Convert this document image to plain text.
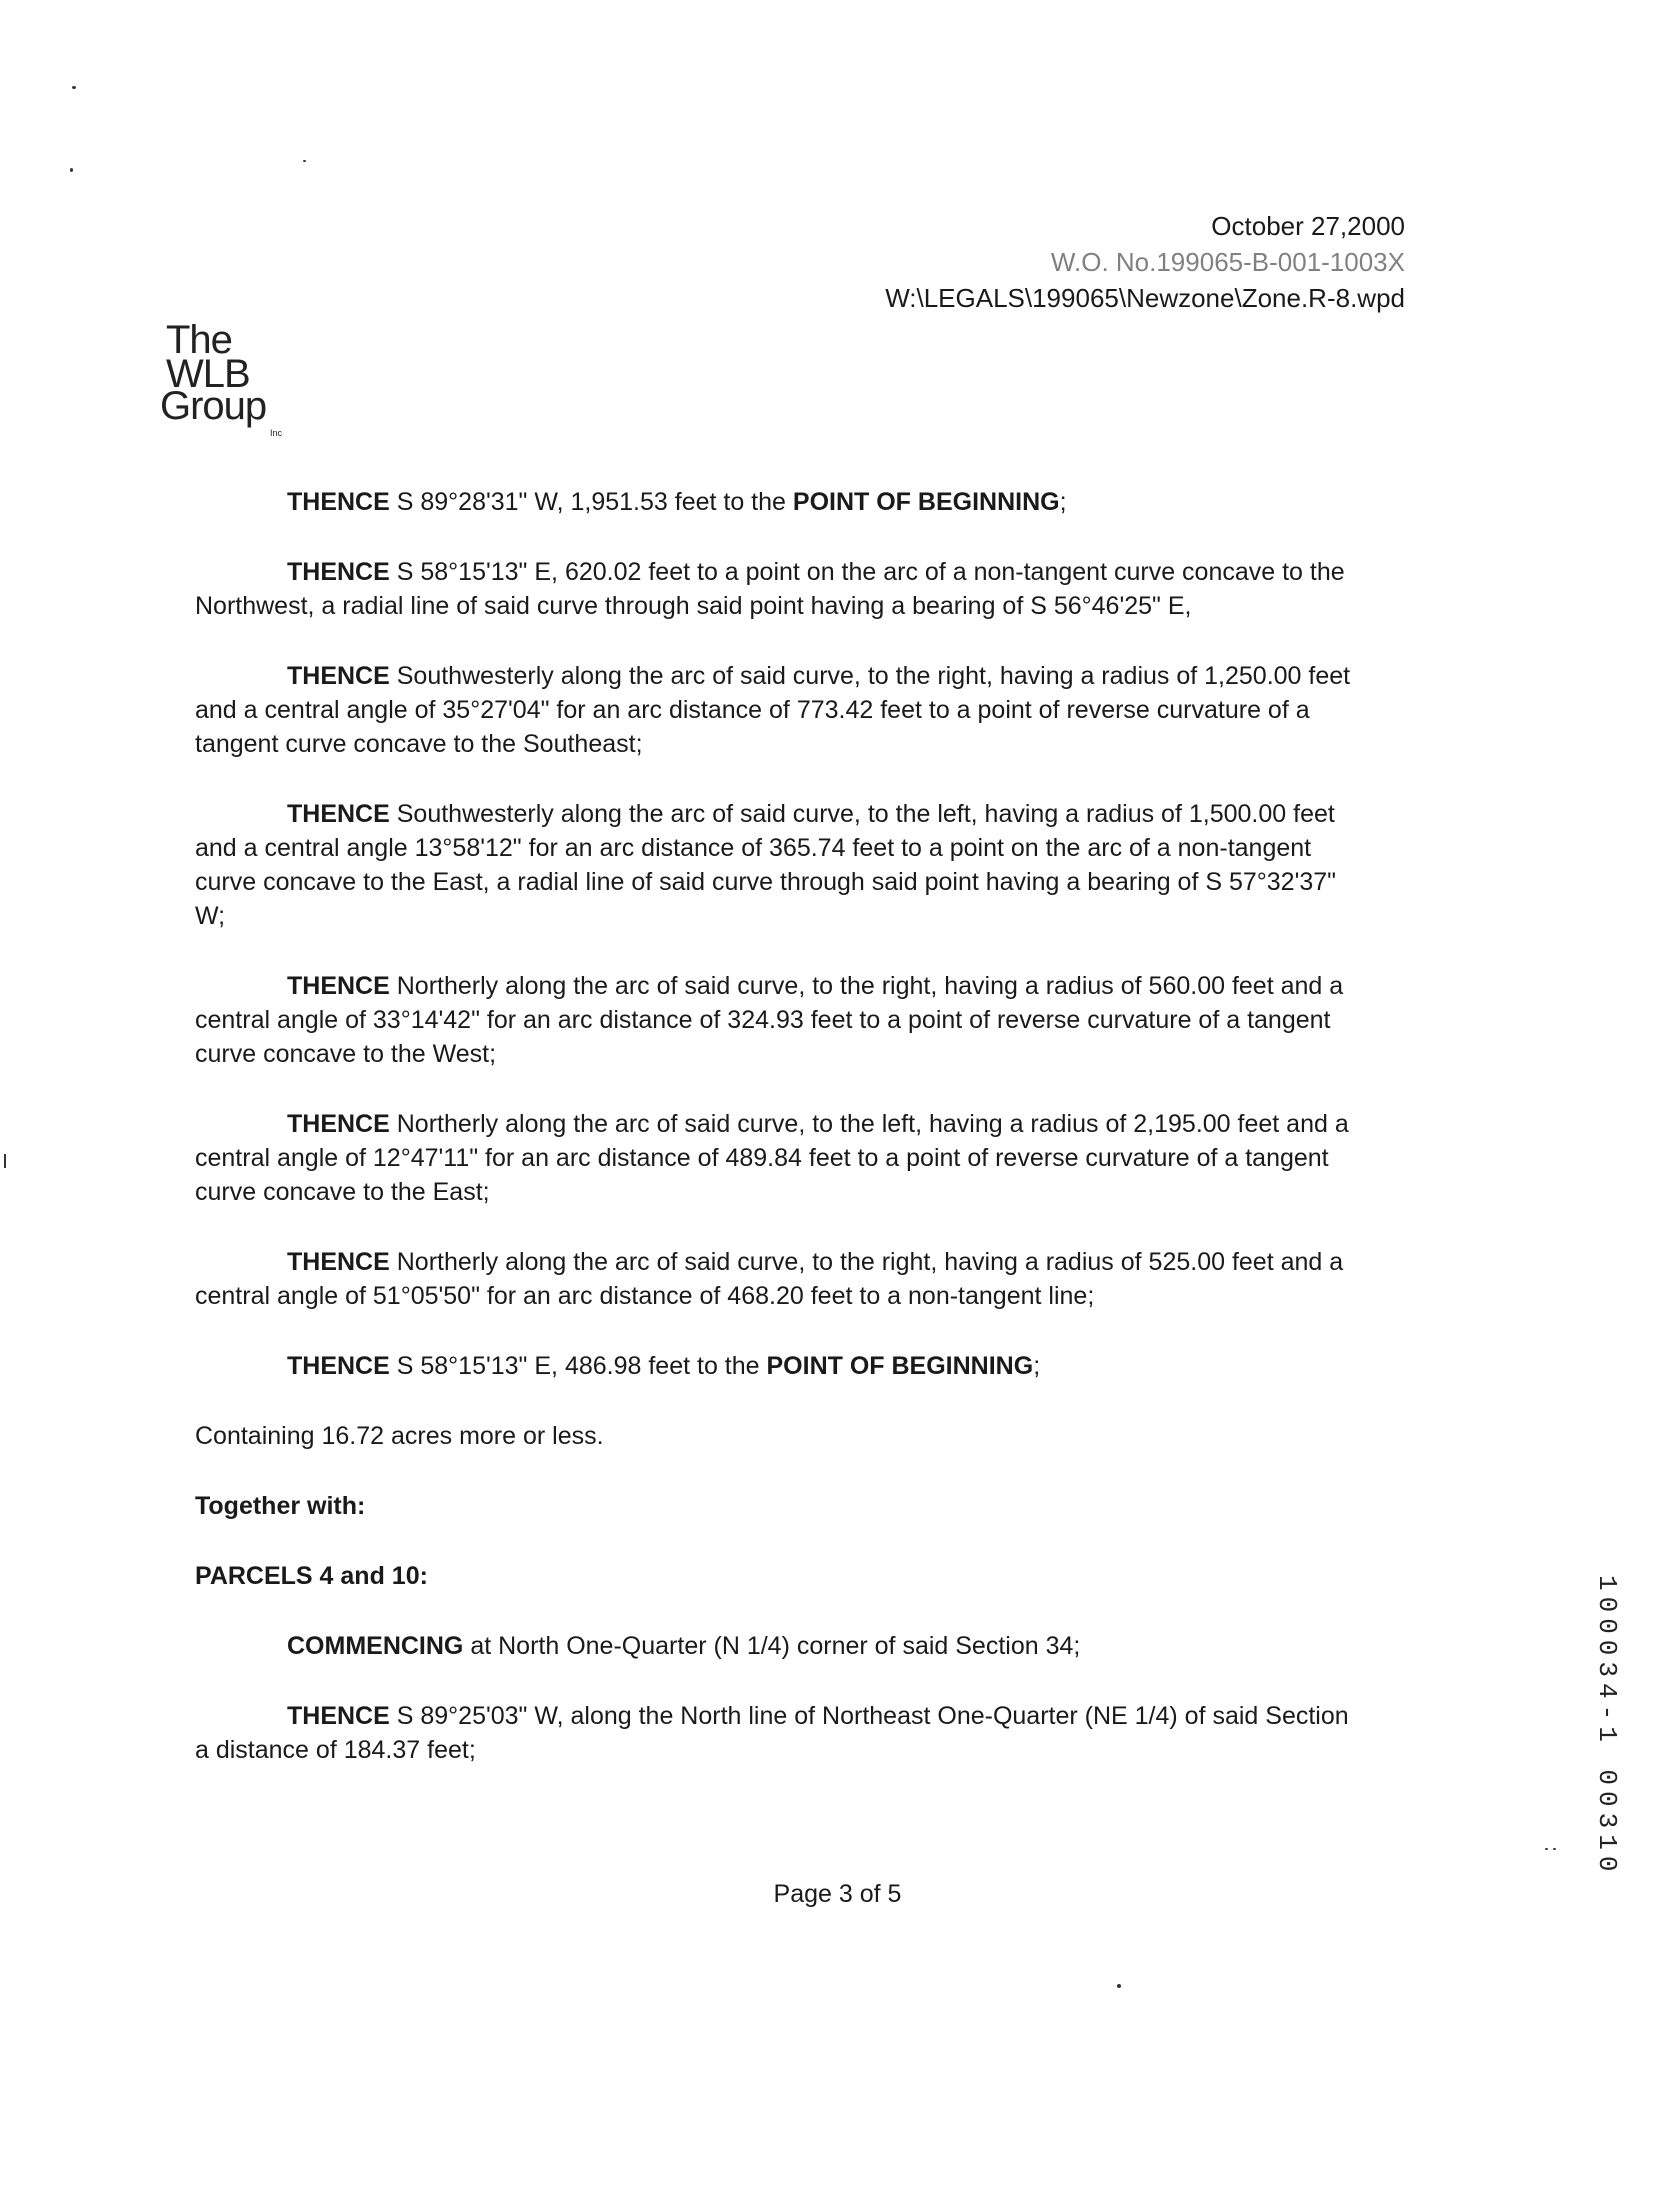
October 27,2000
W.O. No.199065-B-001-1003X
W:\LEGALS\199065\Newzone\Zone.R-8.wpd
The
WLB
Group
Inc

THENCE S 89°28'31" W, 1,951.53 feet to the POINT OF BEGINNING;

THENCE S 58°15'13" E, 620.02 feet to a point on the arc of a non-tangent curve concave to the Northwest, a radial line of said curve through said point having a bearing of S 56°46'25" E,

THENCE Southwesterly along the arc of said curve, to the right, having a radius of 1,250.00 feet and a central angle of 35°27'04" for an arc distance of 773.42 feet to a point of reverse curvature of a tangent curve concave to the Southeast;

THENCE Southwesterly along the arc of said curve, to the left, having a radius of 1,500.00 feet and a central angle 13°58'12" for an arc distance of 365.74 feet to a point on the arc of a non-tangent curve concave to the East, a radial line of said curve through said point having a bearing of S 57°32'37" W;

THENCE Northerly along the arc of said curve, to the right, having a radius of 560.00 feet and a central angle of 33°14'42" for an arc distance of 324.93 feet to a point of reverse curvature of a tangent curve concave to the West;

THENCE Northerly along the arc of said curve, to the left, having a radius of 2,195.00 feet and a central angle of 12°47'11" for an arc distance of 489.84 feet to a point of reverse curvature of a tangent curve concave to the East;

THENCE Northerly along the arc of said curve, to the right, having a radius of 525.00 feet and a central angle of 51°05'50" for an arc distance of 468.20 feet to a non-tangent line;

THENCE S 58°15'13" E, 486.98 feet to the POINT OF BEGINNING;

Containing 16.72 acres more or less.

Together with:

PARCELS 4 and 10:

COMMENCING at North One-Quarter (N 1/4) corner of said Section 34;

THENCE S 89°25'03" W, along the North line of Northeast One-Quarter (NE 1/4) of said Section a distance of 184.37 feet;

Page 3 of 5
100034-1 00310
